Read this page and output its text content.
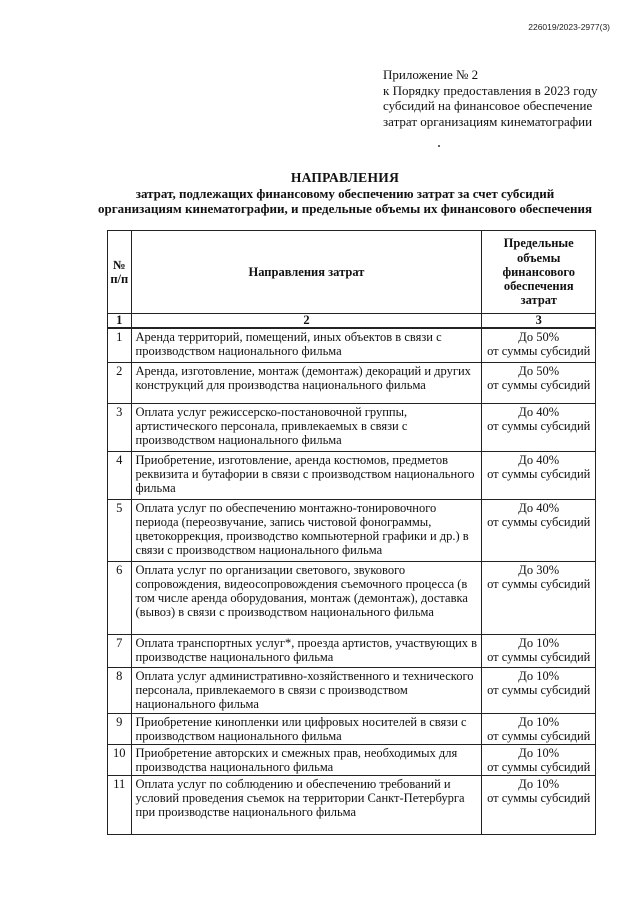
226019/2023-2977(3)
Приложение № 2
к Порядку предоставления в 2023 году
субсидий на финансовое обеспечение
затрат организациям кинематографии
НАПРАВЛЕНИЯ
затрат, подлежащих финансовому обеспечению затрат за счет субсидий
организациям кинематографии, и предельные объемы их финансового обеспечения
№ п/п	Направления затрат	Предельные объемы финансового обеспечения затрат
1	2	3
1	Аренда территорий, помещений, иных объектов в связи с производством национального фильма	До 50%
от суммы субсидий

2	Аренда, изготовление, монтаж (демонтаж) декораций и других конструкций для производства национального фильма	До 50%
от суммы субсидий

3	Оплата услуг режиссерско-постановочной группы, артистического персонала, привлекаемых в связи с производством национального фильма	До 40%
от суммы субсидий

4	Приобретение, изготовление, аренда костюмов, предметов реквизита и бутафории в связи с производством национального фильма	До 40%
от суммы субсидий

5	Оплата услуг по обеспечению монтажно-тонировочного периода (переозвучание, запись чистовой фонограммы, цветокоррекция, производство компьютерной графики и др.) в связи с производством национального фильма	До 40%
от суммы субсидий

6	Оплата услуг по организации светового, звукового сопровождения, видеосопровождения съемочного процесса (в том числе аренда оборудования, монтаж (демонтаж), доставка (вывоз) в связи с производством национального фильма	До 30%
от суммы субсидий

7	Оплата транспортных услуг*, проезда артистов, участвующих в производстве национального фильма	До 10%
от суммы субсидий

8	Оплата услуг административно-хозяйственного и технического персонала, привлекаемого в связи с производством национального фильма	До 10%
от суммы субсидий

9	Приобретение кинопленки или цифровых носителей в связи с производством национального фильма	До 10%
от суммы субсидий

10	Приобретение авторских и смежных прав, необходимых для производства национального фильма	До 10%
от суммы субсидий

11	Оплата услуг по соблюдению и обеспечению требований и условий проведения съемок на территории Санкт-Петербурга при производстве национального фильма	До 10%
от суммы субсидий
